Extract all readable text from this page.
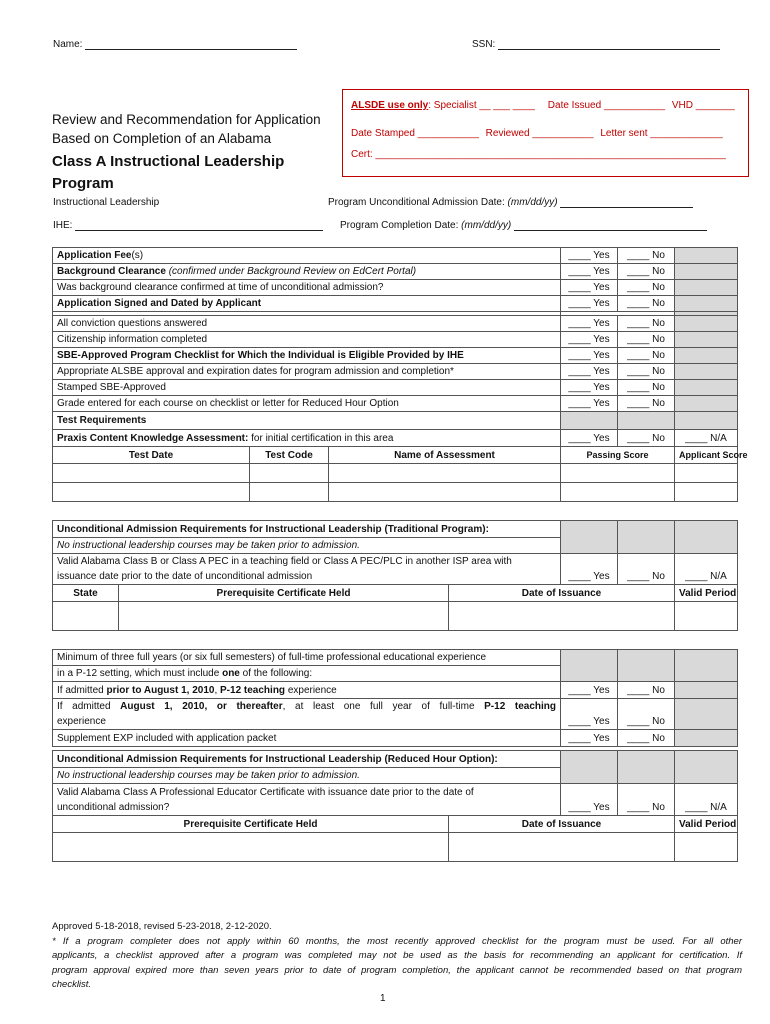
Name:	SSN:
ALSDE use only: Specialist __ ___ ____ Date Issued ___________ VHD _______
Date Stamped ___________ Reviewed ___________ Letter sent _____________
Cert: _______________________________________________________________
Review and Recommendation for Application
Based on Completion of an Alabama
Class A Instructional Leadership
Program
Instructional Leadership	Program Unconditional Admission Date: (mm/dd/yy)
IHE:	Program Completion Date: (mm/dd/yy)
Application Fee(s)			____ Yes	____ No	
Background Clearance (confirmed under Background Review on EdCert Portal)			____ Yes	____ No	
Was background clearance confirmed at time of unconditional admission?			____ Yes	____ No	
Application Signed and Dated by Applicant			____ Yes	____ No	

All conviction questions answered			____ Yes	____ No	
Citizenship information completed			____ Yes	____ No	
SBE-Approved Program Checklist for Which the Individual is Eligible Provided by IHE			____ Yes	____ No	
Appropriate ALSBE approval and expiration dates for program admission and completion*			____ Yes	____ No	
Stamped SBE-Approved			____ Yes	____ No	
Grade entered for each course on checklist or letter for Reduced Hour Option			____ Yes	____ No	
Test Requirements					
Praxis Content Knowledge Assessment: for initial certification in this area			____ Yes	____ No	____ N/A
Test Date	Test Code	Name of Assessment	Passing Score		Applicant Score

Unconditional Admission Requirements for Instructional Leadership (Traditional Program):					
No instructional leadership courses may be taken prior to admission.					

Valid Alabama Class B or Class A PEC in a teaching field or Class A PEC/PLC in another ISP area with
issuance date prior to the date of unconditional admission			____ Yes	____ No	____ N/A
State	Prerequisite Certificate Held	Date of Issuance			Valid Period

Minimum of three full years (or six full semesters) of full-time professional educational experience			
in a P-12 setting, which must include one of the following:			
If admitted prior to August 1, 2010, P-12 teaching experience	____ Yes	____ No	

If admitted August 1, 2010, or thereafter, at least one full year of full-time P-12 teaching
experience	____ Yes	____ No	
Supplement EXP included with application packet	____ Yes	____ No	
Unconditional Admission Requirements for Instructional Leadership (Reduced Hour Option):				
No instructional leadership courses may be taken prior to admission.				

Valid Alabama Class A Professional Educator Certificate with issuance date prior to the date of
unconditional admission?		____ Yes	____ No	____ N/A
Prerequisite Certificate Held	Date of Issuance			Valid Period

Approved 5-18-2018, revised 5-23-2018, 2-12-2020.
* If a program completer does not apply within 60 months, the most recently approved checklist for the program must be used. For all other
applicants, a checklist approved after a program was completed may not be used as the basis for recommending an applicant for certification. If
program approval expired more than seven years prior to date of program completion, the applicant cannot be recommended based on that program
checklist.
1
